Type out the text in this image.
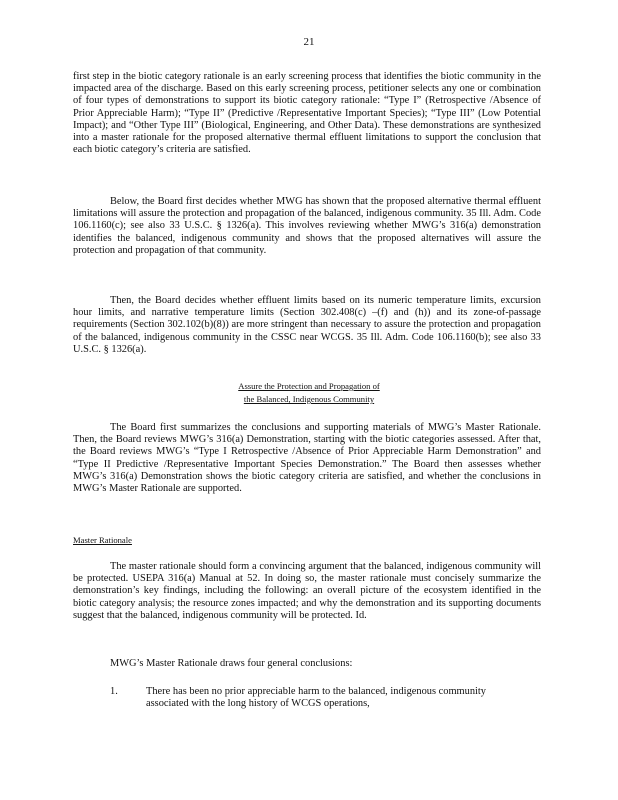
21

first step in the biotic category rationale is an early screening process that identifies the biotic community in the impacted area of the discharge. Based on this early screening process, petitioner selects any one or combination of four types of demonstrations to support its biotic category rationale: “Type I” (Retrospective /Absence of Prior Appreciable Harm); “Type II” (Predictive /Representative Important Species); “Type III” (Low Potential Impact); and “Other Type III” (Biological, Engineering, and Other Data). These demonstrations are synthesized into a master rationale for the proposed alternative thermal effluent limitations to support the conclusion that each biotic category’s criteria are satisfied.

Below, the Board first decides whether MWG has shown that the proposed alternative thermal effluent limitations will assure the protection and propagation of the balanced, indigenous community. 35 Ill. Adm. Code 106.1160(c); see also 33 U.S.C. § 1326(a). This involves reviewing whether MWG’s 316(a) demonstration identifies the balanced, indigenous community and shows that the proposed alternatives will assure the protection and propagation of that community.

Then, the Board decides whether effluent limits based on its numeric temperature limits, excursion hour limits, and narrative temperature limits (Section 302.408(c) –(f) and (h)) and its zone-of-passage requirements (Section 302.102(b)(8)) are more stringent than necessary to assure the protection and propagation of the balanced, indigenous community in the CSSC near WCGS. 35 Ill. Adm. Code 106.1160(b); see also 33 U.S.C. § 1326(a).

Assure the Protection and Propagation of
the Balanced, Indigenous Community

The Board first summarizes the conclusions and supporting materials of MWG’s Master Rationale. Then, the Board reviews MWG’s 316(a) Demonstration, starting with the biotic categories assessed. After that, the Board reviews MWG’s “Type I Retrospective /Absence of Prior Appreciable Harm Demonstration” and “Type II Predictive /Representative Important Species Demonstration.” The Board then assesses whether MWG’s 316(a) Demonstration shows the biotic category criteria are satisfied, and whether the conclusions in MWG’s Master Rationale are supported.

Master Rationale

The master rationale should form a convincing argument that the balanced, indigenous community will be protected. USEPA 316(a) Manual at 52. In doing so, the master rationale must concisely summarize the demonstration’s key findings, including the following: an overall picture of the ecosystem identified in the biotic category analysis; the resource zones impacted; and why the demonstration and its supporting documents suggest that the balanced, indigenous community will be protected. Id.

MWG’s Master Rationale draws four general conclusions:

1.	There has been no prior appreciable harm to the balanced, indigenous community associated with the long history of WCGS operations,
